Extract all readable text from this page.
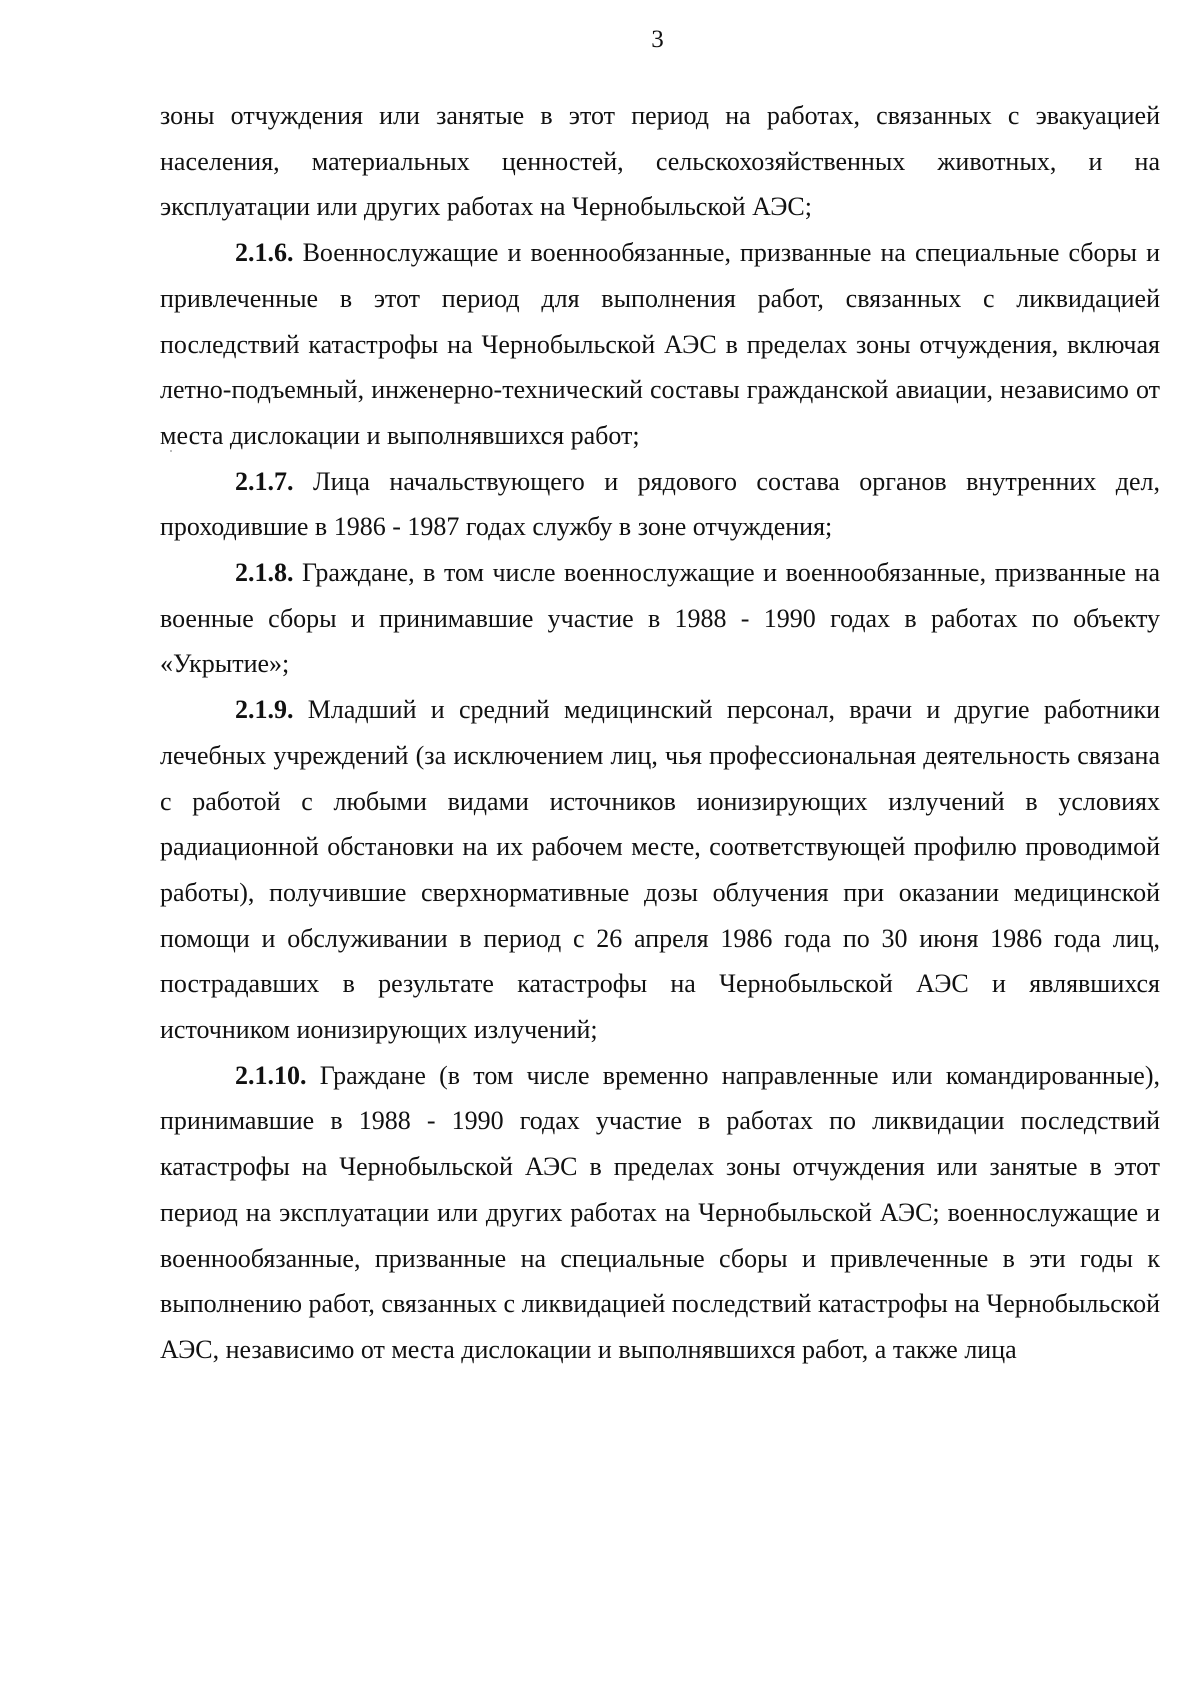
3

зоны отчуждения или занятые в этот период на работах, связанных с эвакуацией населения, материальных ценностей, сельскохозяйственных животных, и на эксплуатации или других работах на Чернобыльской АЭС;

2.1.6. Военнослужащие и военнообязанные, призванные на специальные сборы и привлеченные в этот период для выполнения работ, связанных с ликвидацией последствий катастрофы на Чернобыльской АЭС в пределах зоны отчуждения, включая летно-подъемный, инженерно-технический составы гражданской авиации, независимо от места дислокации и выполнявшихся работ;

2.1.7. Лица начальствующего и рядового состава органов внутренних дел, проходившие в 1986 - 1987 годах службу в зоне отчуждения;

2.1.8. Граждане, в том числе военнослужащие и военнообязанные, призванные на военные сборы и принимавшие участие в 1988 - 1990 годах в работах по объекту «Укрытие»;

2.1.9. Младший и средний медицинский персонал, врачи и другие работники лечебных учреждений (за исключением лиц, чья профессиональная деятельность связана с работой с любыми видами источников ионизирующих излучений в условиях радиационной обстановки на их рабочем месте, соответствующей профилю проводимой работы), получившие сверхнормативные дозы облучения при оказании медицинской помощи и обслуживании в период с 26 апреля 1986 года по 30 июня 1986 года лиц, пострадавших в результате катастрофы на Чернобыльской АЭС и являвшихся источником ионизирующих излучений;

2.1.10. Граждане (в том числе временно направленные или командированные), принимавшие в 1988 - 1990 годах участие в работах по ликвидации последствий катастрофы на Чернобыльской АЭС в пределах зоны отчуждения или занятые в этот период на эксплуатации или других работах на Чернобыльской АЭС; военнослужащие и военнообязанные, призванные на специальные сборы и привлеченные в эти годы к выполнению работ, связанных с ликвидацией последствий катастрофы на Чернобыльской АЭС, независимо от места дислокации и выполнявшихся работ, а также лица
